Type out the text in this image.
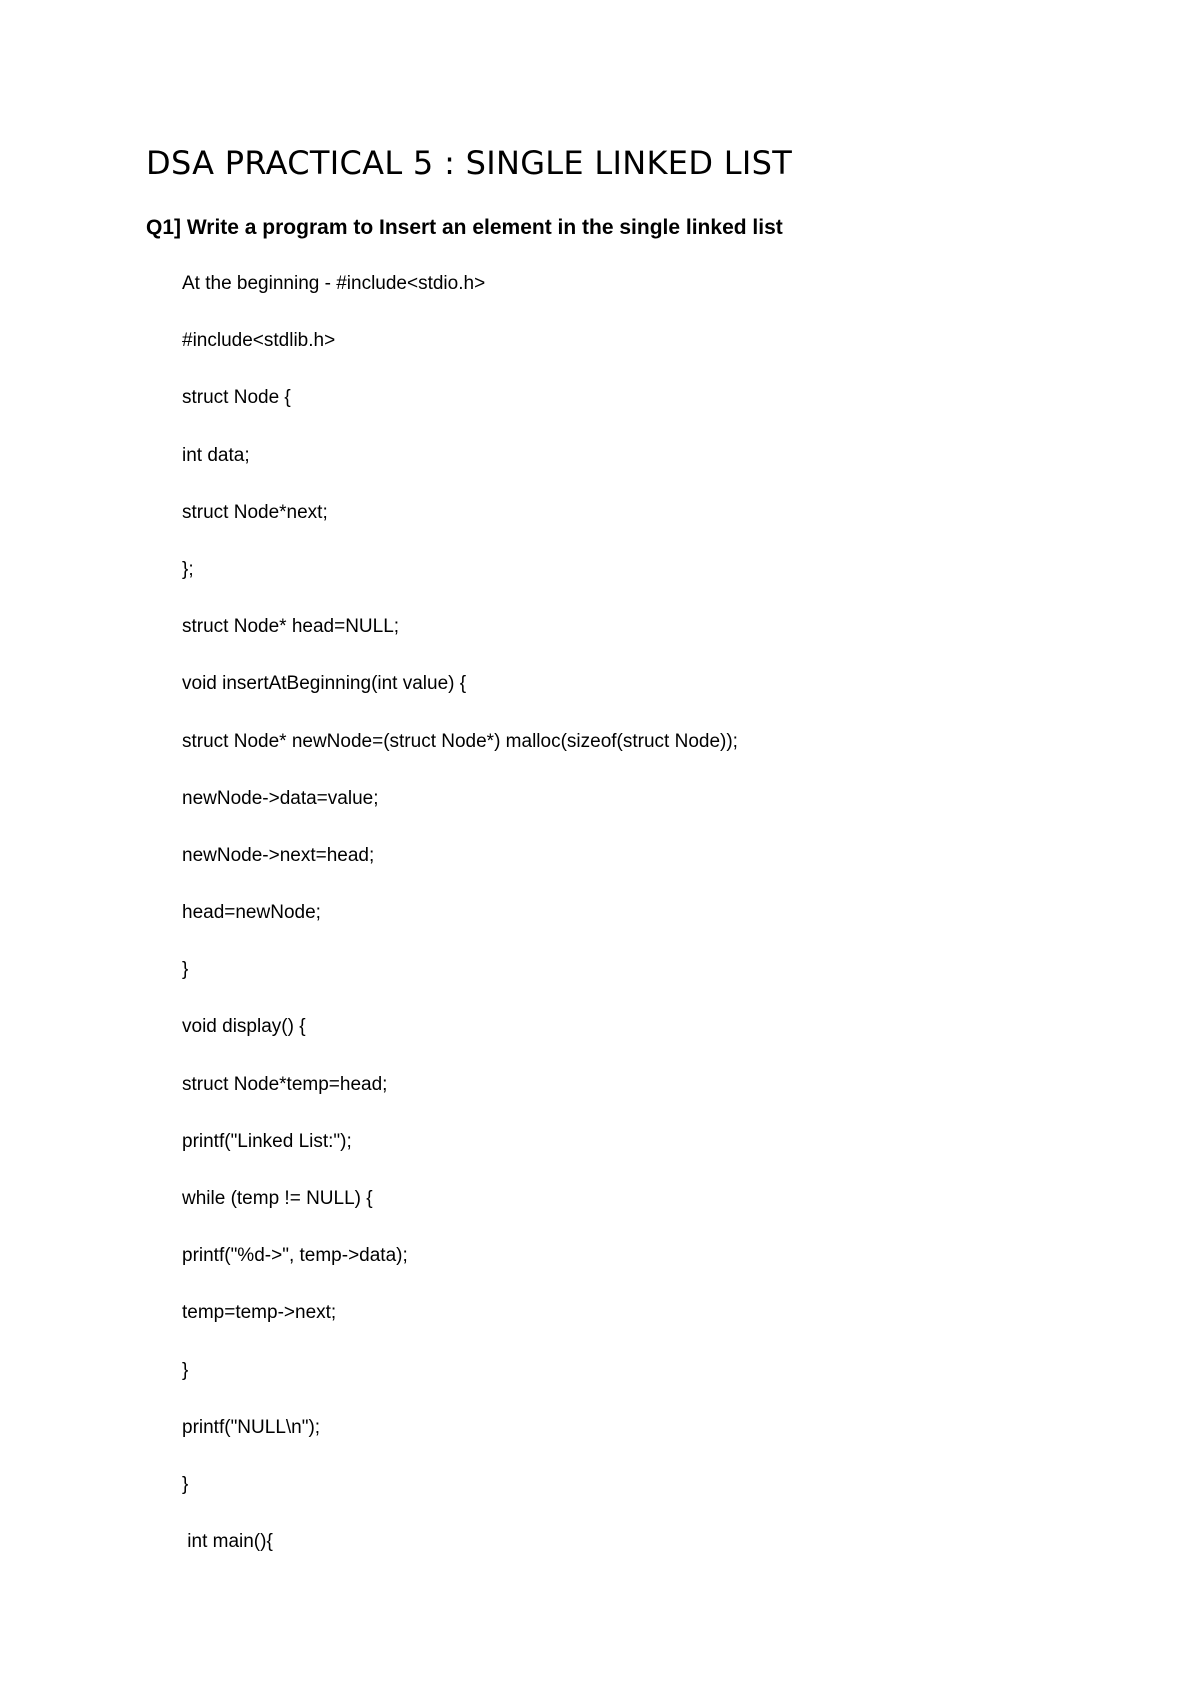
DSA PRACTICAL 5 : SINGLE LINKED LIST

Q1] Write a program to Insert an element in the single linked list

At the beginning - #include<stdio.h>
#include<stdlib.h>
struct Node {
int data;
struct Node*next;
};
struct Node* head=NULL;
void insertAtBeginning(int value) {
struct Node* newNode=(struct Node*) malloc(sizeof(struct Node));
newNode->data=value;
newNode->next=head;
head=newNode;
}
void display() {
struct Node*temp=head;
printf("Linked List:");
while (temp != NULL) {
printf("%d->", temp->data);
temp=temp->next;
}
printf("NULL\n");
}
int main(){
